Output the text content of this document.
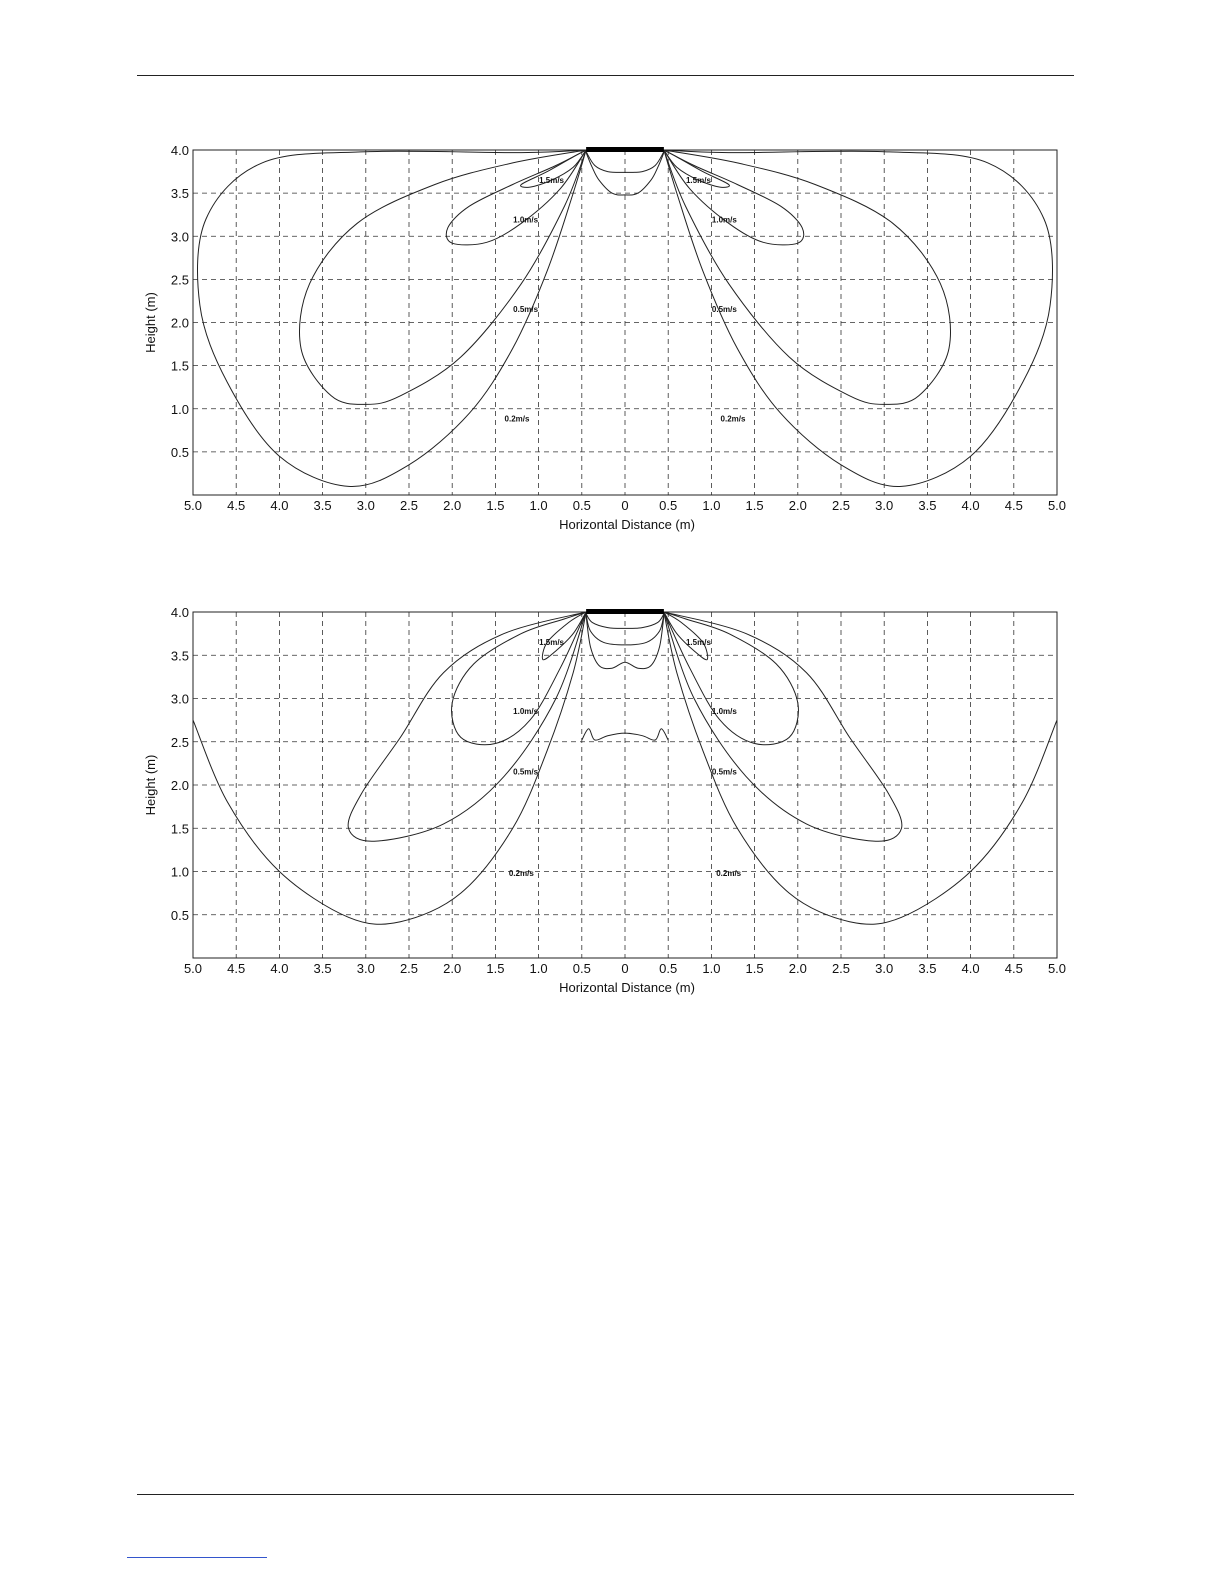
5.0 4.5 4.0 3.5 3.0 2.5 2.0 1.5 1.0 0.5 0 0.5 1.0 1.5 2.0 2.5 3.0 3.5 4.0 4.5 5.0
0.5
1.0
1.5
2.0
2.5
3.0
3.5
4.0
Horizontal Distance (m)
Height (m)
0.2m/s	0.2m/s
0.5m/s	0.5m/s
1.0m/s	1.0m/s
1.5m/s	1.5m/s
5.0 4.5 4.0 3.5 3.0 2.5 2.0 1.5 1.0 0.5 0 0.5 1.0 1.5 2.0 2.5 3.0 3.5 4.0 4.5 5.0
0.5
1.0
1.5
2.0
2.5
3.0
3.5
4.0
Horizontal Distance (m)
Height (m)
0.2m/s	0.2m/s
0.5m/s	0.5m/s
1.0m/s	1.0m/s
1.5m/s	1.5m/s
